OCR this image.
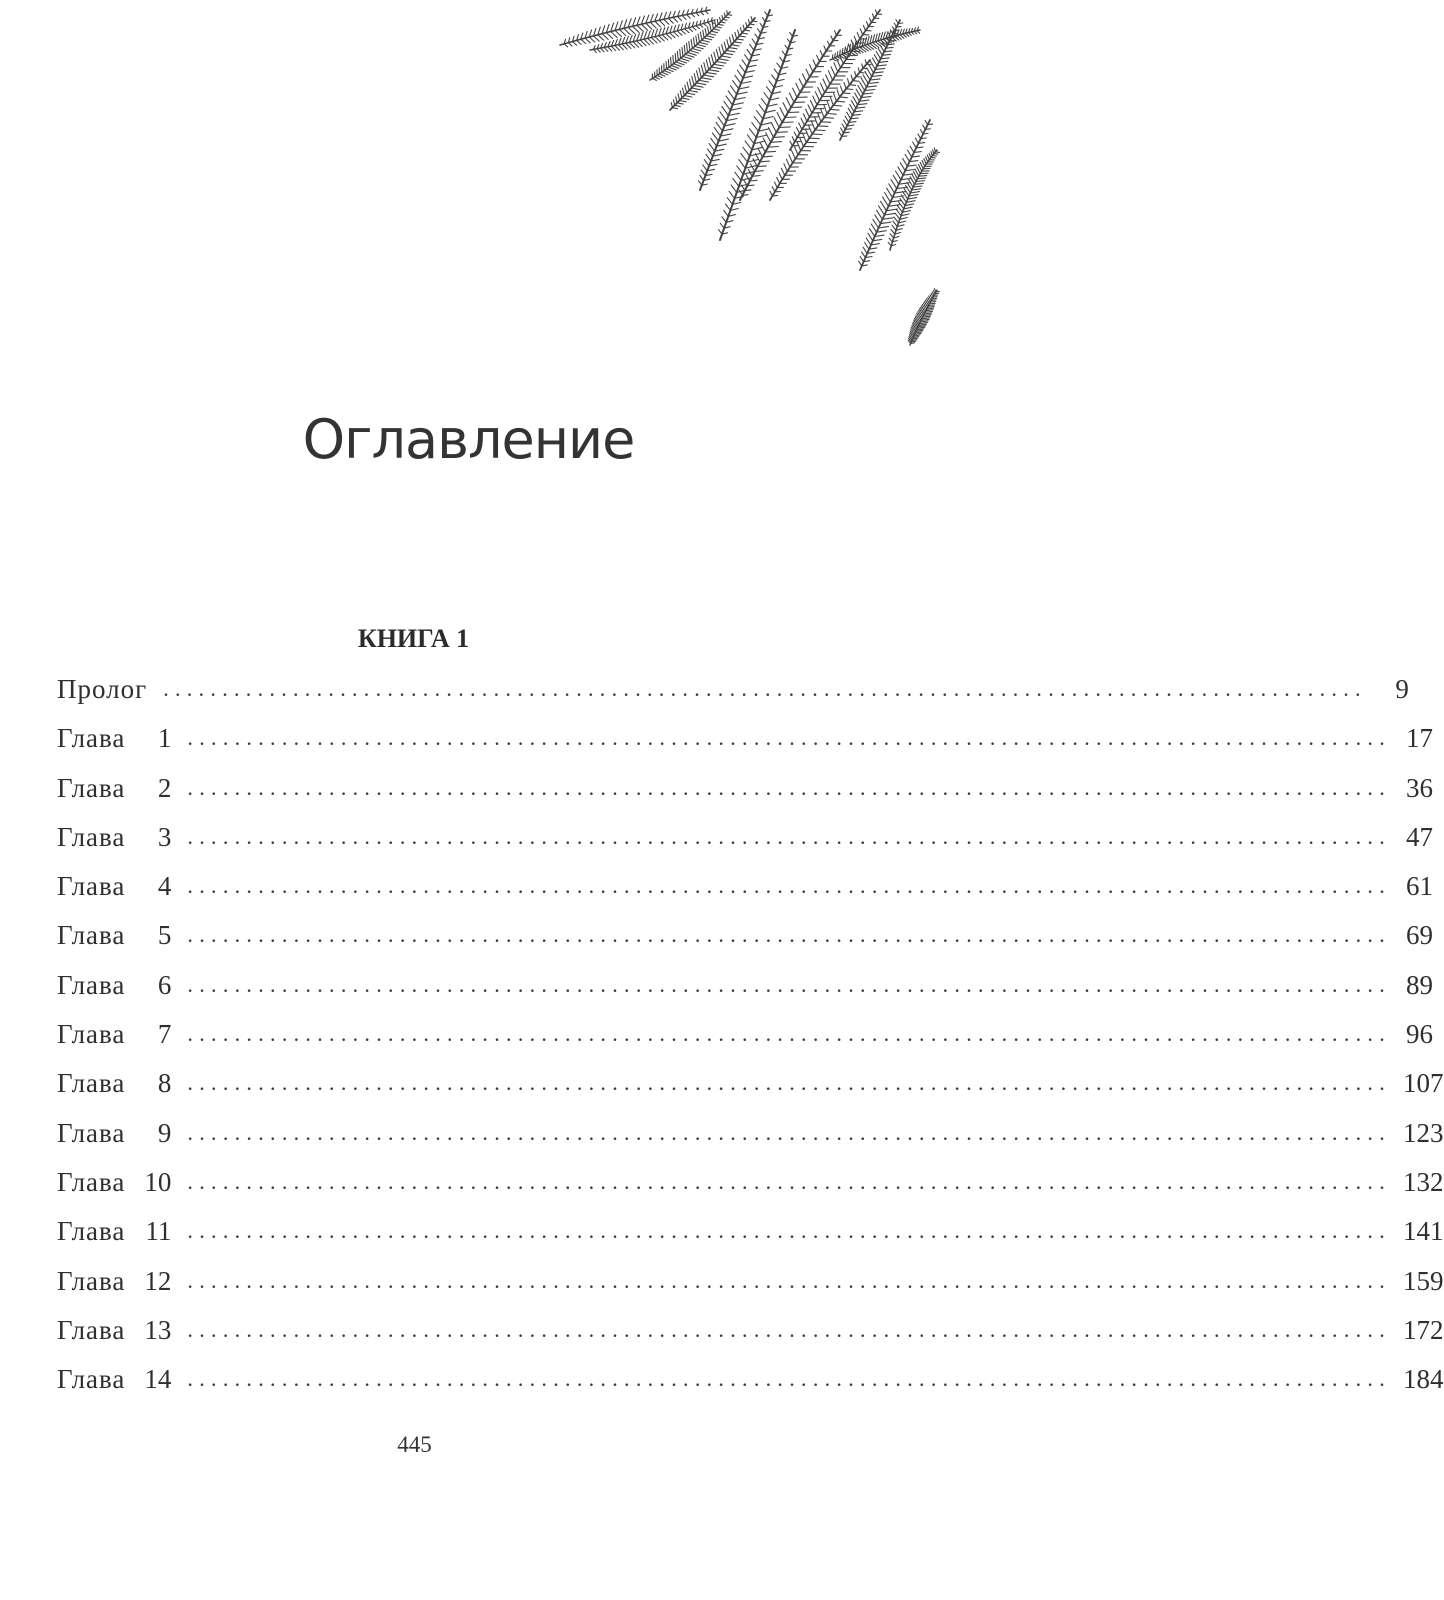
Оглавление
КНИГА 1
Пролог ......................................................................................................	9
Глава	1 ...................................................................................................... 17
Глава	2 ...................................................................................................... 36
Глава	3 ...................................................................................................... 47
Глава	4 ...................................................................................................... 61
Глава	5 ...................................................................................................... 69
Глава	6 ...................................................................................................... 89
Глава	7 ...................................................................................................... 96
Глава	8 ...................................................................................................... 107
Глава	9 ...................................................................................................... 123
Глава 10 ...................................................................................................... 132
Глава 11 ...................................................................................................... 141
Глава 12 ...................................................................................................... 159
Глава 13 ...................................................................................................... 172
Глава 14 ...................................................................................................... 184
445
